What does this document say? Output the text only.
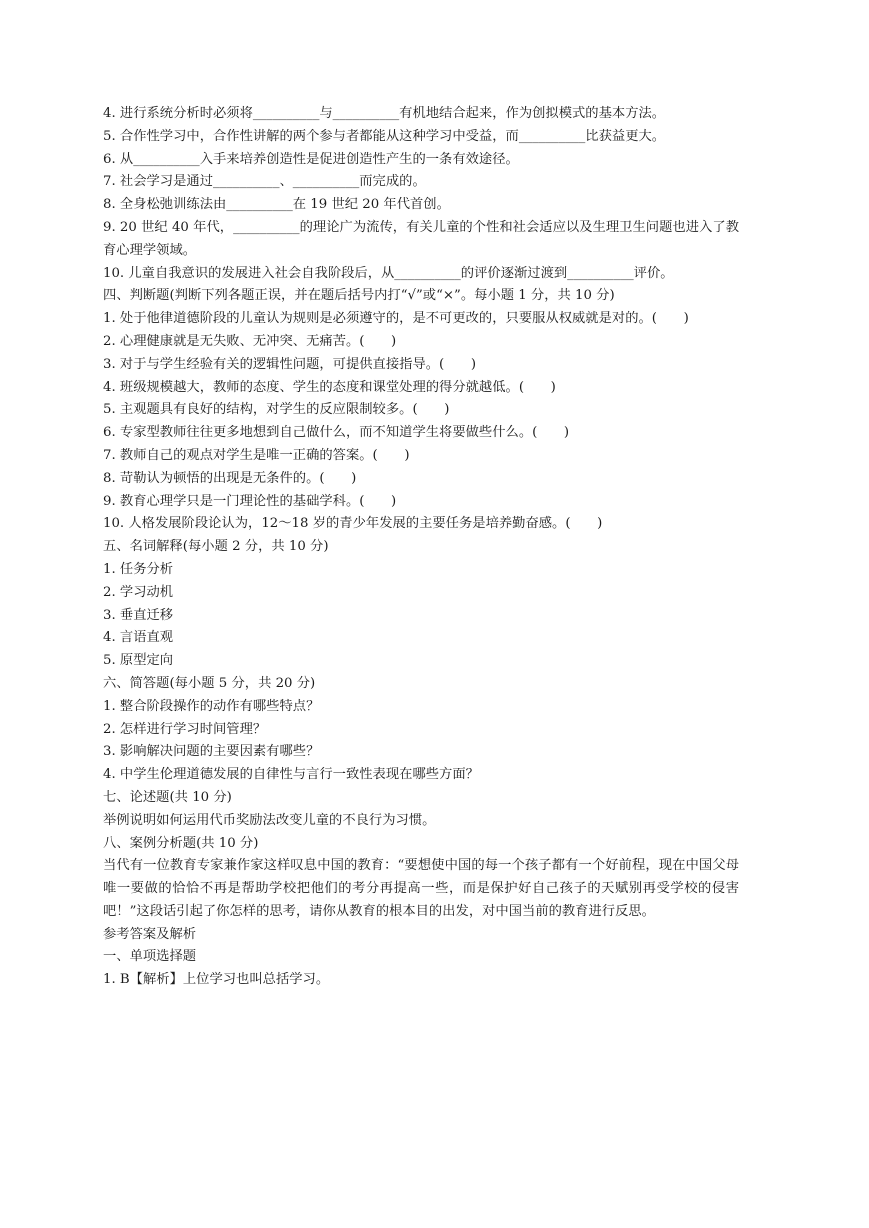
4. 进行系统分析时必须将__________与__________有机地结合起来，作为创拟模式的基本方法。
5. 合作性学习中，合作性讲解的两个参与者都能从这种学习中受益，而__________比获益更大。
6. 从__________入手来培养创造性是促进创造性产生的一条有效途径。
7. 社会学习是通过__________、__________而完成的。
8. 全身松弛训练法由__________在 19 世纪 20 年代首创。
9. 20 世纪 40 年代，__________的理论广为流传，有关儿童的个性和社会适应以及生理卫生问题也进入了教育心理学领域。
10. 儿童自我意识的发展进入社会自我阶段后，从__________的评价逐渐过渡到__________评价。
四、判断题(判断下列各题正误，并在题后括号内打“√”或“×”。每小题 1 分，共 10 分)
1. 处于他律道德阶段的儿童认为规则是必须遵守的，是不可更改的，只要服从权威就是对的。(　　)
2. 心理健康就是无失败、无冲突、无痛苦。(　　)
3. 对于与学生经验有关的逻辑性问题，可提供直接指导。(　　)
4. 班级规模越大，教师的态度、学生的态度和课堂处理的得分就越低。(　　)
5. 主观题具有良好的结构，对学生的反应限制较多。(　　)
6. 专家型教师往往更多地想到自己做什么，而不知道学生将要做些什么。(　　)
7. 教师自己的观点对学生是唯一正确的答案。(　　)
8. 苛勒认为顿悟的出现是无条件的。(　　)
9. 教育心理学只是一门理论性的基础学科。(　　)
10. 人格发展阶段论认为，12～18 岁的青少年发展的主要任务是培养勤奋感。(　　)
五、名词解释(每小题 2 分，共 10 分)
1. 任务分析
2. 学习动机
3. 垂直迁移
4. 言语直观
5. 原型定向
六、简答题(每小题 5 分，共 20 分)
1. 整合阶段操作的动作有哪些特点？
2. 怎样进行学习时间管理？
3. 影响解决问题的主要因素有哪些？
4. 中学生伦理道德发展的自律性与言行一致性表现在哪些方面？
七、论述题(共 10 分)
举例说明如何运用代币奖励法改变儿童的不良行为习惯。
八、案例分析题(共 10 分)
当代有一位教育专家兼作家这样叹息中国的教育：“要想使中国的每一个孩子都有一个好前程，现在中国父母唯一要做的恰恰不再是帮助学校把他们的考分再提高一些，而是保护好自己孩子的天赋别再受学校的侵害吧！”这段话引起了你怎样的思考，请你从教育的根本目的出发，对中国当前的教育进行反思。
参考答案及解析
一、单项选择题
1. B【解析】上位学习也叫总括学习。
